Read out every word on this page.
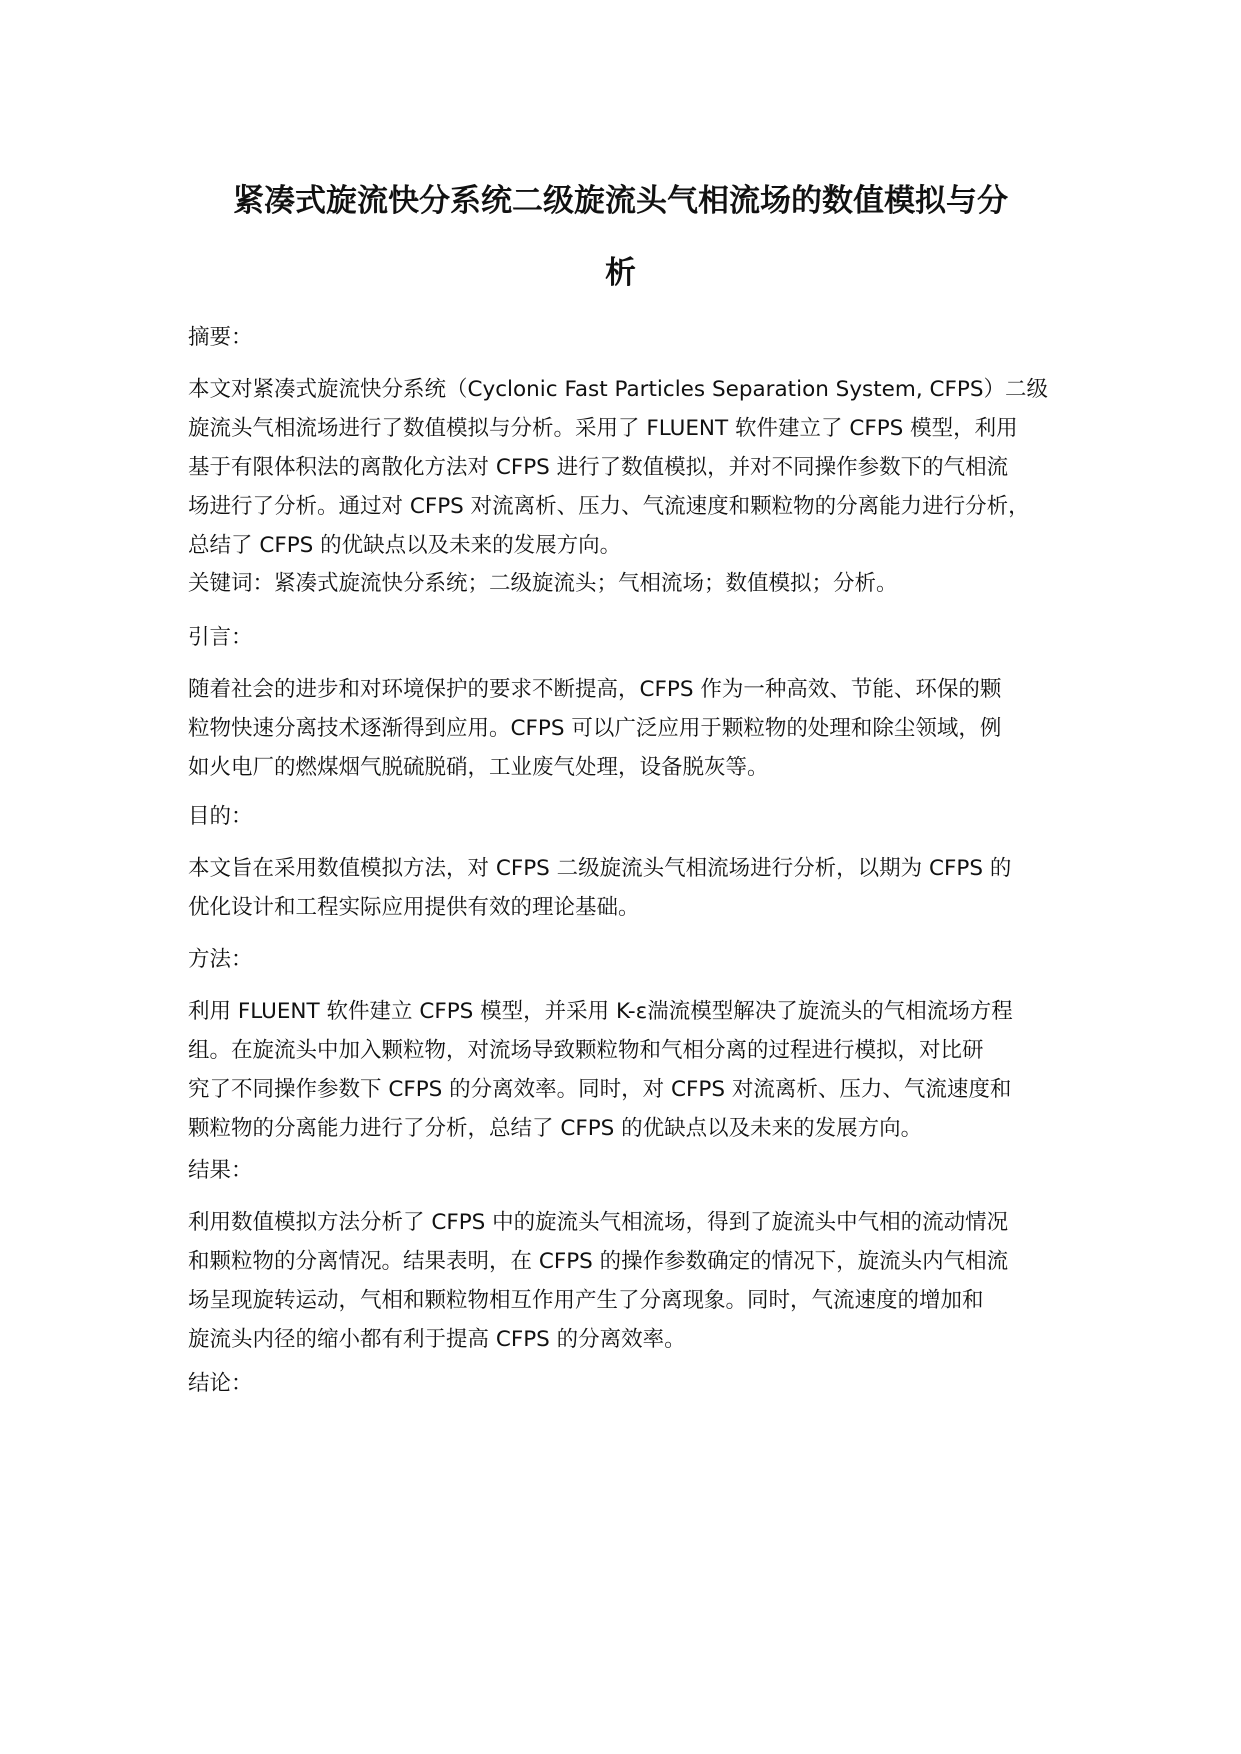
紧凑式旋流快分系统二级旋流头气相流场的数值模拟与分
析

摘要：

本文对紧凑式旋流快分系统（Cyclonic Fast Particles Separation System, CFPS）二级
旋流头气相流场进行了数值模拟与分析。采用了 FLUENT 软件建立了 CFPS 模型，利用
基于有限体积法的离散化方法对 CFPS 进行了数值模拟，并对不同操作参数下的气相流
场进行了分析。通过对 CFPS 对流离析、压力、气流速度和颗粒物的分离能力进行分析，
总结了 CFPS 的优缺点以及未来的发展方向。

关键词：紧凑式旋流快分系统；二级旋流头；气相流场；数值模拟；分析。

引言：

随着社会的进步和对环境保护的要求不断提高，CFPS 作为一种高效、节能、环保的颗
粒物快速分离技术逐渐得到应用。CFPS 可以广泛应用于颗粒物的处理和除尘领域，例
如火电厂的燃煤烟气脱硫脱硝，工业废气处理，设备脱灰等。

目的：

本文旨在采用数值模拟方法，对 CFPS 二级旋流头气相流场进行分析，以期为 CFPS 的
优化设计和工程实际应用提供有效的理论基础。

方法：

利用 FLUENT 软件建立 CFPS 模型，并采用 K-ε湍流模型解决了旋流头的气相流场方程
组。在旋流头中加入颗粒物，对流场导致颗粒物和气相分离的过程进行模拟，对比研
究了不同操作参数下 CFPS 的分离效率。同时，对 CFPS 对流离析、压力、气流速度和
颗粒物的分离能力进行了分析，总结了 CFPS 的优缺点以及未来的发展方向。

结果：

利用数值模拟方法分析了 CFPS 中的旋流头气相流场，得到了旋流头中气相的流动情况
和颗粒物的分离情况。结果表明，在 CFPS 的操作参数确定的情况下，旋流头内气相流
场呈现旋转运动，气相和颗粒物相互作用产生了分离现象。同时，气流速度的增加和
旋流头内径的缩小都有利于提高 CFPS 的分离效率。

结论：
